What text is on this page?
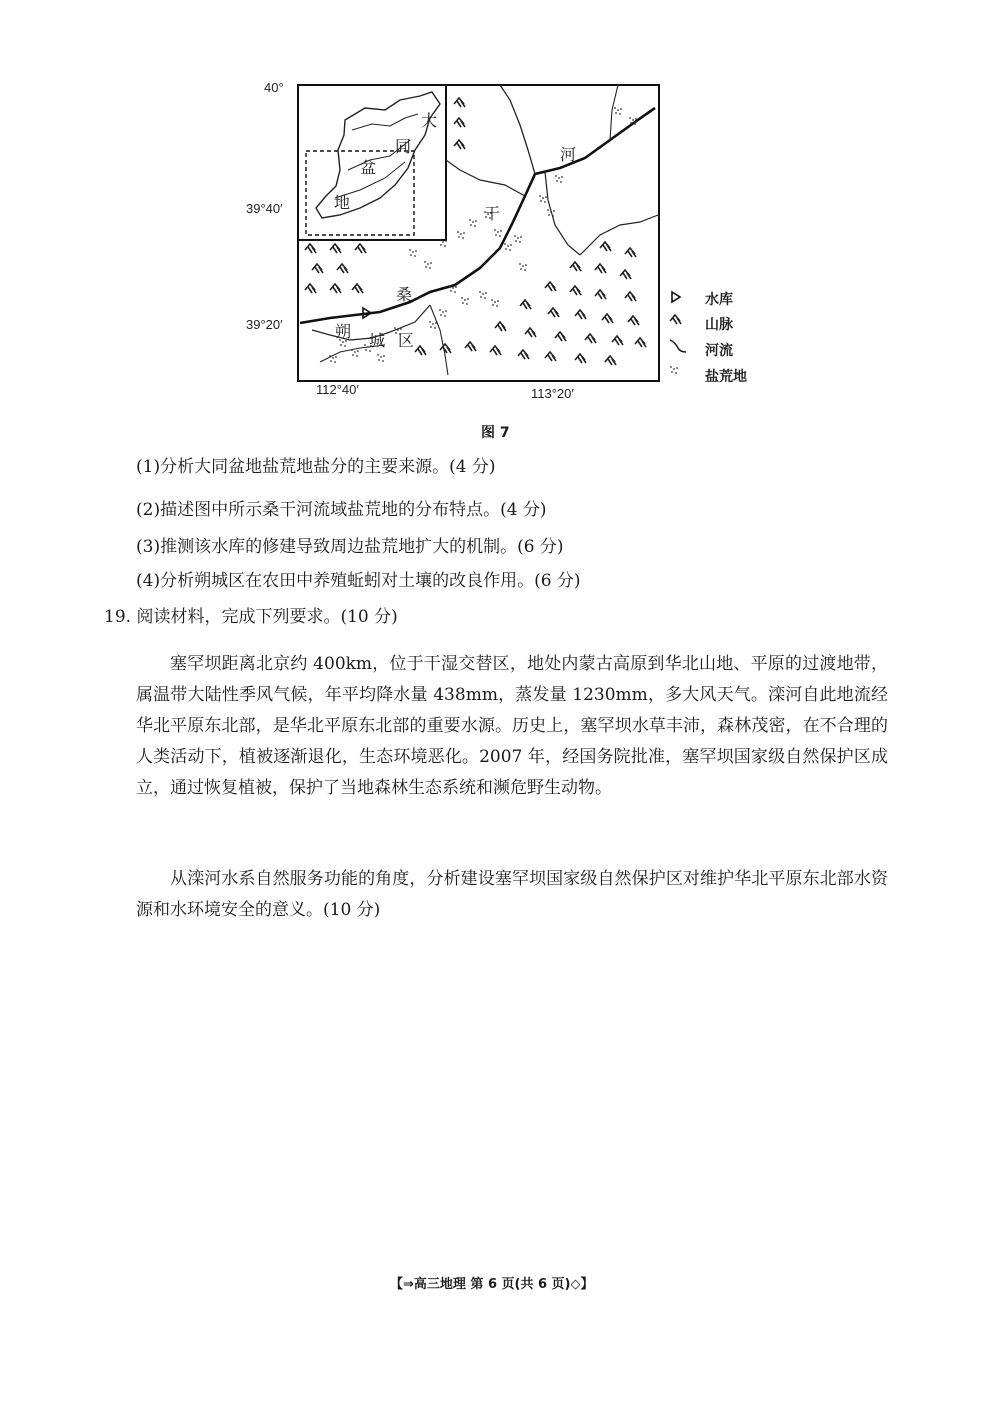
40°
39°40′
39°20′
112°40′	113°20′
大
同
盆
地
河
干
桑
朔 城 区
水库
山脉
河流
盐荒地
图 7
(1)分析大同盆地盐荒地盐分的主要来源。(4 分)
(2)描述图中所示桑干河流域盐荒地的分布特点。(4 分)
(3)推测该水库的修建导致周边盐荒地扩大的机制。(6 分)
(4)分析朔城区在农田中养殖蚯蚓对土壤的改良作用。(6 分)
19. 阅读材料，完成下列要求。(10 分)
塞罕坝距离北京约 400km，位于干湿交替区，地处内蒙古高原到华北山地、平原的过渡地带，属温带大陆性季风气候，年平均降水量 438mm，蒸发量 1230mm，多大风天气。滦河自此地流经华北平原东北部，是华北平原东北部的重要水源。历史上，塞罕坝水草丰沛，森林茂密，在不合理的人类活动下，植被逐渐退化，生态环境恶化。2007 年，经国务院批准，塞罕坝国家级自然保护区成立，通过恢复植被，保护了当地森林生态系统和濒危野生动物。
从滦河水系自然服务功能的角度，分析建设塞罕坝国家级自然保护区对维护华北平原东北部水资源和水环境安全的意义。(10 分)
【⇒高三地理 第 6 页(共 6 页)◇】
